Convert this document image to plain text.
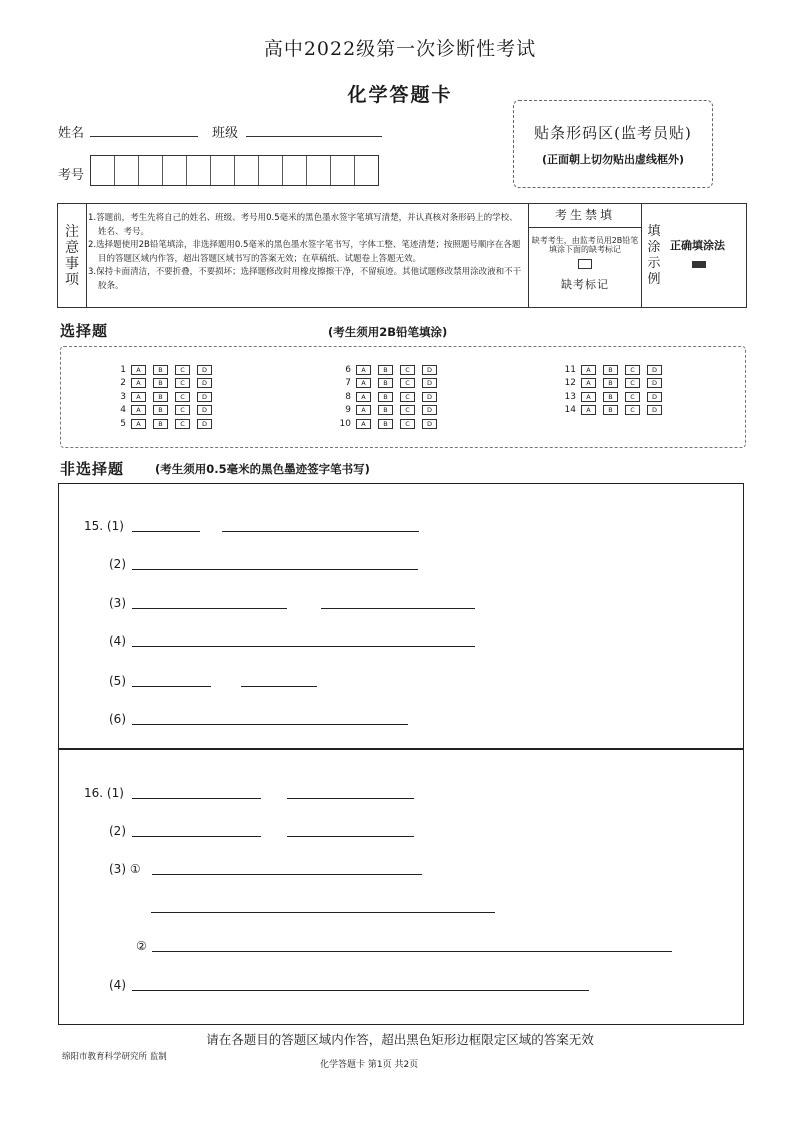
高中2022级第一次诊断性考试
化学答题卡
姓名	班级
考号
贴条形码区(监考员贴)
(正面朝上切勿贴出虚线框外)
注
意
事
项
1.答题前，考生先将自己的姓名、班级、考号用0.5毫米的黑色墨水签字笔填写清楚，并认真核对条形码上的学校、姓名、考号。
2.选择题使用2B铅笔填涂，非选择题用0.5毫米的黑色墨水签字笔书写，字体工整、笔迹清楚；按照题号顺序在各题目的答题区域内作答，超出答题区域书写的答案无效；在草稿纸、试题卷上答题无效。
3.保持卡面清洁，不要折叠，不要损坏；选择题修改时用橡皮擦擦干净，不留痕迹。其他试题修改禁用涂改液和不干胶条。
考生禁填
缺考考生，由监考员用2B铅笔填涂下面的缺考标记
缺考标记
填
涂
示
例
正确填涂法
选择题	(考生须用2B铅笔填涂)
1	A	B	C	D
2	A	B	C	D
3	A	B	C	D
4	A	B	C	D
5	A	B	C	D
6	A	B	C	D
7	A	B	C	D
8	A	B	C	D
9	A	B	C	D
10	A	B	C	D
11	A	B	C	D
12	A	B	C	D
13	A	B	C	D
14	A	B	C	D
非选择题	(考生须用0.5毫米的黑色墨迹签字笔书写)
15. (1)
(2)
(3)
(4)
(5)
(6)
16. (1)
(2)
(3) ①
②
(4)
请在各题目的答题区域内作答，超出黑色矩形边框限定区域的答案无效
绵阳市教育科学研究所 监制
化学答题卡 第1页 共2页
